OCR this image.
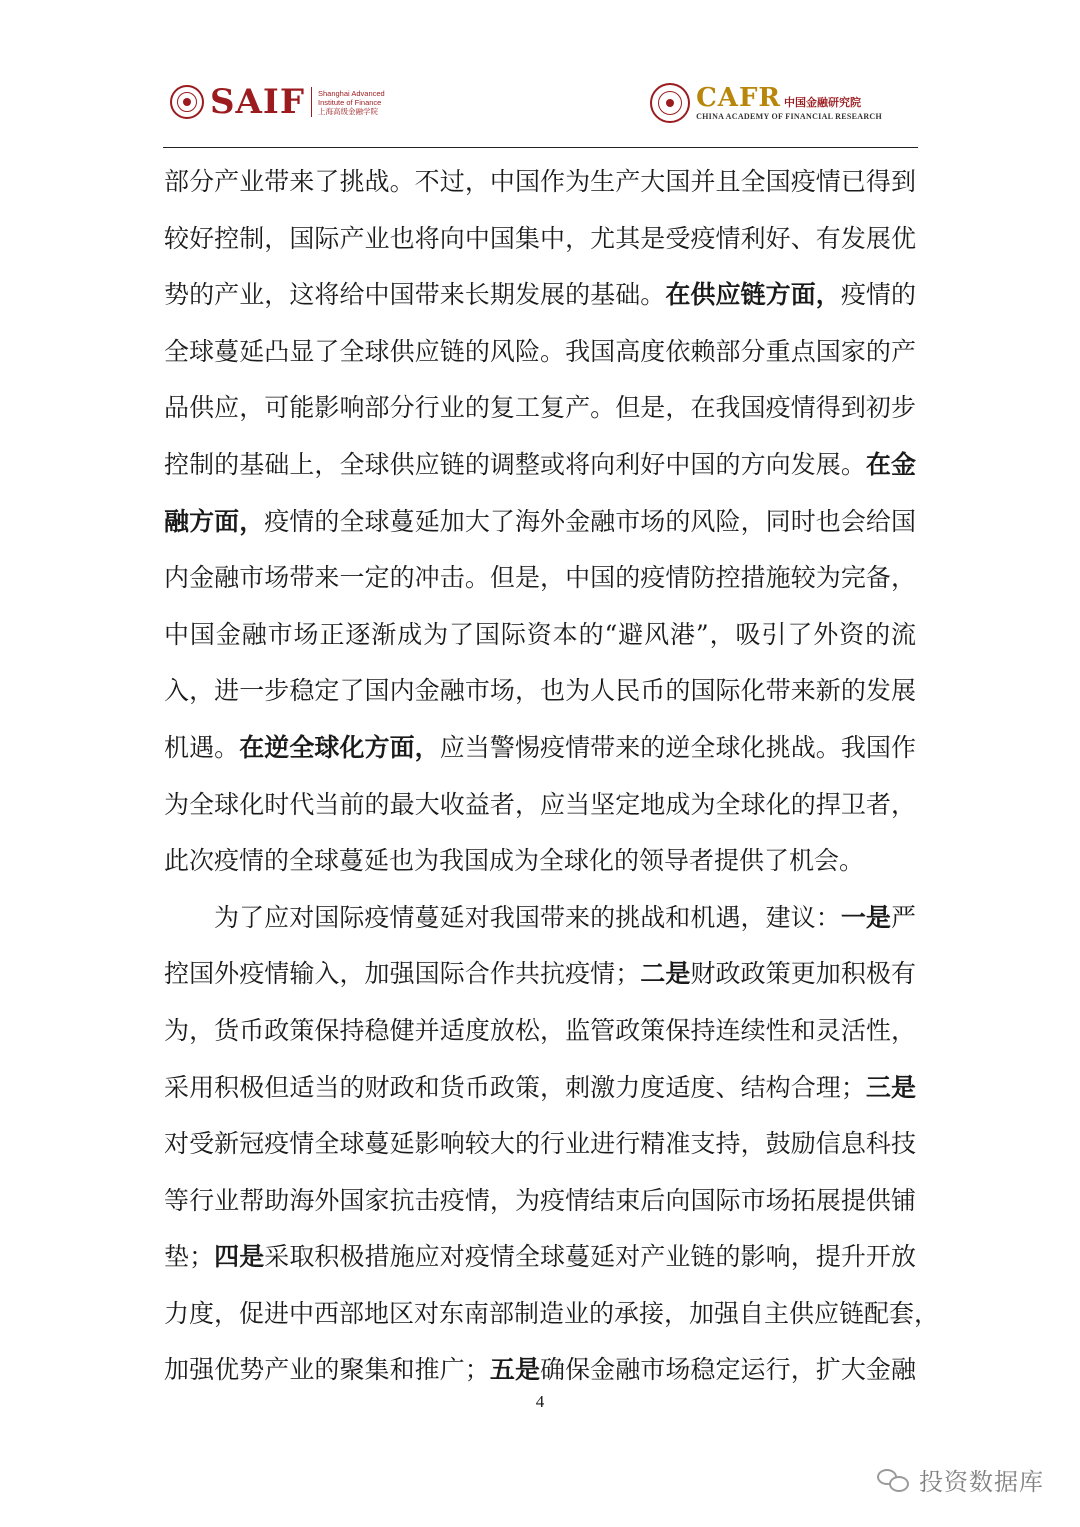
SAIF Shanghai Advanced
Institute of Finance
上海高级金融学院	CAFR 中国金融研究院
CHINA ACADEMY OF FINANCIAL RESEARCH
部分产业带来了挑战。不过，中国作为生产大国并且全国疫情已得到
较好控制，国际产业也将向中国集中，尤其是受疫情利好、有发展优
势的产业，这将给中国带来长期发展的基础。在供应链方面，疫情的
全球蔓延凸显了全球供应链的风险。我国高度依赖部分重点国家的产
品供应，可能影响部分行业的复工复产。但是，在我国疫情得到初步
控制的基础上，全球供应链的调整或将向利好中国的方向发展。在金
融方面，疫情的全球蔓延加大了海外金融市场的风险，同时也会给国
内金融市场带来一定的冲击。但是，中国的疫情防控措施较为完备，
中国金融市场正逐渐成为了国际资本的“避风港”，吸引了外资的流
入，进一步稳定了国内金融市场，也为人民币的国际化带来新的发展
机遇。在逆全球化方面，应当警惕疫情带来的逆全球化挑战。我国作
为全球化时代当前的最大收益者，应当坚定地成为全球化的捍卫者，
此次疫情的全球蔓延也为我国成为全球化的领导者提供了机会。
为了应对国际疫情蔓延对我国带来的挑战和机遇，建议：一是严
控国外疫情输入，加强国际合作共抗疫情；二是财政政策更加积极有
为，货币政策保持稳健并适度放松，监管政策保持连续性和灵活性，
采用积极但适当的财政和货币政策，刺激力度适度、结构合理；三是
对受新冠疫情全球蔓延影响较大的行业进行精准支持，鼓励信息科技
等行业帮助海外国家抗击疫情，为疫情结束后向国际市场拓展提供铺
垫；四是采取积极措施应对疫情全球蔓延对产业链的影响，提升开放
力度，促进中西部地区对东南部制造业的承接，加强自主供应链配套，
加强优势产业的聚集和推广；五是确保金融市场稳定运行，扩大金融
4
投资数据库
